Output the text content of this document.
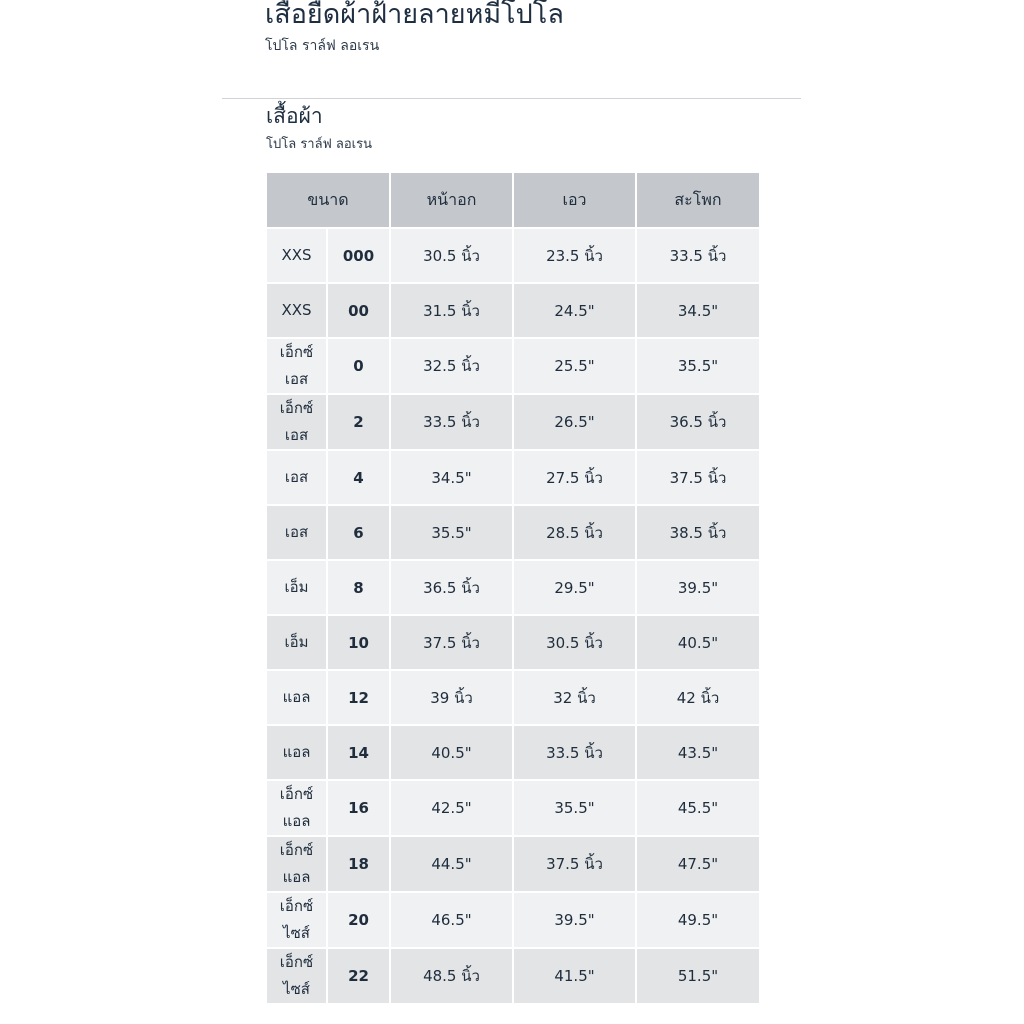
เสื้อยืดผ้าฝ้ายลายหมีโปโล
โปโล ราล์ฟ ลอเรน
เสื้อผ้า
โปโล ราล์ฟ ลอเรน
ขนาด		หน้าอก	เอว	สะโพก
XXS	000	30.5 นิ้ว	23.5 นิ้ว	33.5 นิ้ว
XXS	00	31.5 นิ้ว	24.5"	34.5"
เอ็กซ์ เอส	0	32.5 นิ้ว	25.5"	35.5"
เอ็กซ์ เอส	2	33.5 นิ้ว	26.5"	36.5 นิ้ว
เอส	4	34.5"	27.5 นิ้ว	37.5 นิ้ว
เอส	6	35.5"	28.5 นิ้ว	38.5 นิ้ว
เอ็ม	8	36.5 นิ้ว	29.5"	39.5"
เอ็ม	10	37.5 นิ้ว	30.5 นิ้ว	40.5"
แอล	12	39 นิ้ว	32 นิ้ว	42 นิ้ว
แอล	14	40.5"	33.5 นิ้ว	43.5"
เอ็กซ์ แอล	16	42.5"	35.5"	45.5"
เอ็กซ์ แอล	18	44.5"	37.5 นิ้ว	47.5"
เอ็กซ์ ไซส์	20	46.5"	39.5"	49.5"
เอ็กซ์ ไซส์	22	48.5 นิ้ว	41.5"	51.5"
